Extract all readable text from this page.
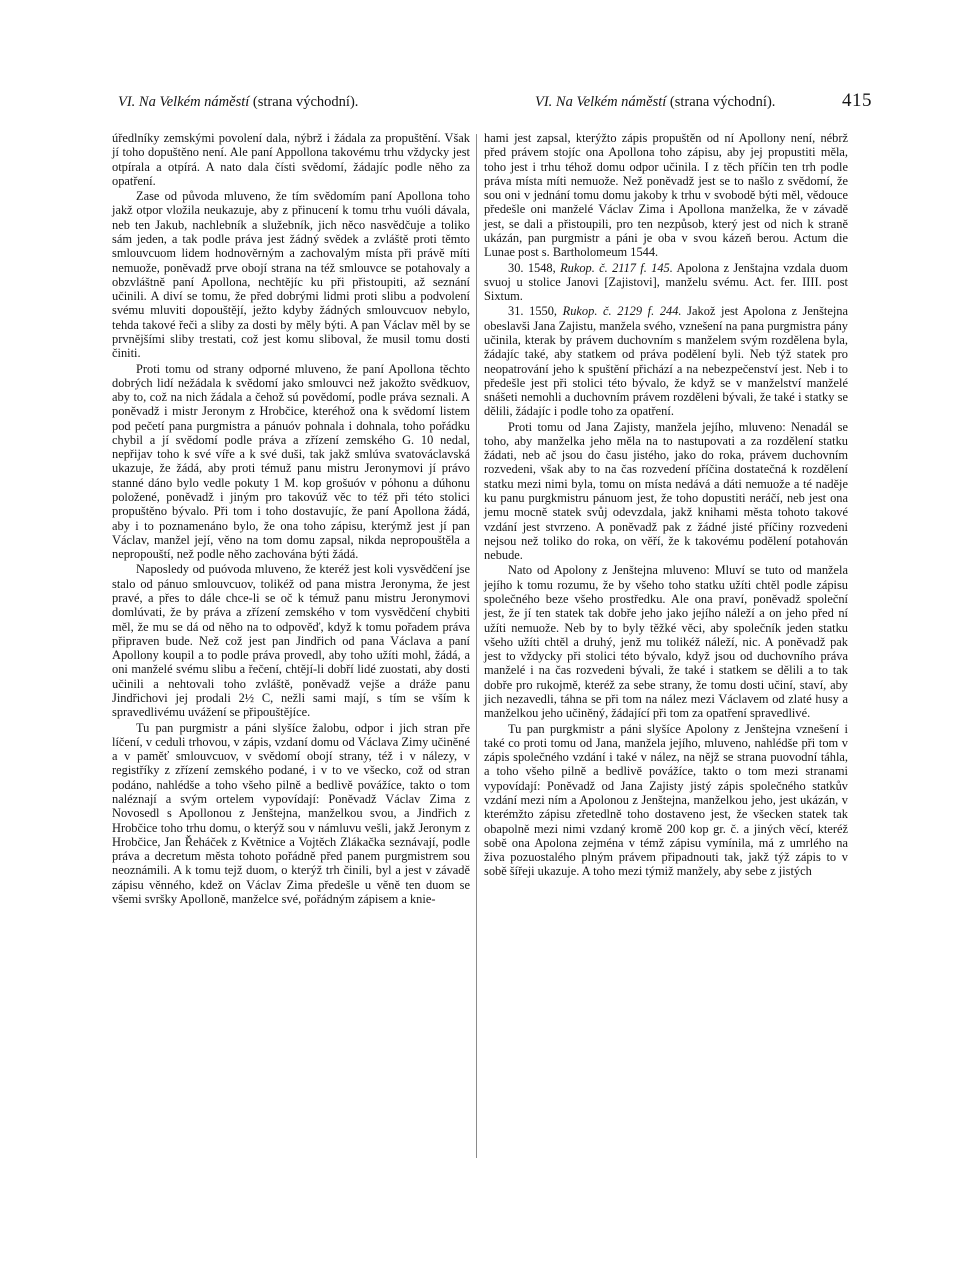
VI. Na Velkém náměstí (strana východní).	VI. Na Velkém náměstí (strana východní).	415

úředlníky zemskými povolení dala, nýbrž i žádala za propuštění. Však jí toho dopuštěno není. Ale paní Appollona takovému trhu vždycky jest otpírala a otpírá. A nato dala čísti svědomí, žádajíc podle něho za opatření.

Zase od původa mluveno, že tím svědomím paní Apollona toho jakž otpor vložila neukazuje, aby z přinucení k tomu trhu vuóli dávala, neb ten Jakub, nachlebník a služebník, jich něco nasvědčuje a toliko sám jeden, a tak podle práva jest žádný svědek a zvláště proti těmto smlouvcuom lidem hodnověrným a zachovalým místa při právě míti nemuože, poněvadž prve obojí strana na též smlouvce se potahovaly a obzvláštně paní Apollona, nechtějíc ku při přistoupiti, až seznání učinili. A diví se tomu, že před dobrými lidmi proti slibu a podvolení svému mluviti dopouštějí, ježto kdyby žádných smlouvcuov nebylo, tehda takové řeči a sliby za dosti by měly býti. A pan Václav měl by se prvnějšími sliby trestati, což jest komu sliboval, že musil tomu dosti činiti.

Proti tomu od strany odporné mluveno, že paní Apollona těchto dobrých lidí nežádala k svědomí jako smlouvci než jakožto svědkuov, aby to, což na nich žádala a čehož sú povědomí, podle práva seznali. A poněvadž i mistr Jeronym z Hrobčice, kteréhož ona k svědomí listem pod pečetí pana purgmistra a pánuóv pohnala i dohnala, toho pořádku chybil a jí svědomí podle práva a zřízení zemského G. 10 nedal, nepřijav toho k své víře a k své duši, tak jakž smlúva svatováclavská ukazuje, že žádá, aby proti témuž panu mistru Jeronymovi jí právo stanné dáno bylo vedle pokuty 1 M. kop grošuóv v pόhonu a dúhonu položené, poněvadž i jiným pro takovúž věc to též při této stolici propuštěno bývalo. Při tom i toho dostavujíc, že paní Apollona žádá, aby i to poznamenáno bylo, že ona toho zápisu, kterýmž jest jí pan Václav, manžel její, věno na tom domu zapsal, nikda nepropouštěla a nepropouští, než podle něho zachována býti žádá.

Naposledy od puóvoda mluveno, že kteréž jest koli vysvědčení jse stalo od pánuo smlouvcuov, tolikéž od pana mistra Jeronyma, že jest pravé, a přes to dále chce-li se oč k témuž panu mistru Jeronymovi domlúvati, že by práva a zřízení zemského v tom vysvědčení chybiti měl, že mu se dá od něho na to odpověď, když k tomu pořadem práva připraven bude. Než což jest pan Jindřich od pana Václava a paní Apollony koupil a to podle práva provedl, aby toho užíti mohl, žádá, a oni manželé svému slibu a řečení, chtějí-li dobří lidé zuostati, aby dosti učinili a nehtovali toho zvláště, poněvadž vejše a dráže panu Jindřichovi jej prodali 2½ C, nežli sami mají, s tím se vším k spravedlivému uvážení se připouštějíce.

Tu pan purgmistr a páni slyšíce žalobu, odpor i jich stran pře líčení, v ceduli trhovou, v zápis, vzdaní domu od Václava Zimy učiněné a v paměť smlouvcuov, v svědomí obojí strany, též i v nálezy, v registříky z zřízení zemského podané, i v to ve všecko, což od stran podáno, nahlédše a toho všeho pilně a bedlivě povážíce, takto o tom naléznají a svým ortelem vypovídají: Poněvadž Václav Zima z Novosedl s Apollonou z Jenštejna, manželkou svou, a Jindřich z Hrobčice toho trhu domu, o kterýž sou v námluvu vešli, jakž Jeronym z Hrobčice, Jan Řeháček z Květnice a Vojtěch Zlákačka seznávají, podle práva a decretum města tohoto pořádně před panem purgmistrem sou neoznámili. A k tomu tejž duom, o kterýž trh činili, byl a jest v závadě zápisu věnného, kdež on Václav Zima předešle u věně ten duom se všemi svršky Apolloně, manželce své, pořádným zápisem a knie-

hami jest zapsal, kterýžto zápis propuštěn od ní Apollony není, nébrž před právem stojíc ona Apollona toho zápisu, aby jej propustiti měla, toho jest i trhu téhož domu odpor učinila. I z těch příčin ten trh podle práva místa míti nemuože. Než poněvadž jest se to našlo z svědomí, že sou oni v jednání tomu domu jakoby k trhu v svobodě býti měl, vědouce předešle oni manželé Václav Zima i Apollona manželka, že v závadě jest, se dali a přistoupili, pro ten nezpůsob, který jest od nich k straně ukázán, pan purgmistr a páni je oba v svou kázeň berou. Actum die Lunae post s. Bartholomeum 1544.

30. 1548, Rukop. č. 2117 f. 145. Apolona z Jenštajna vzdala duom svuoj u stolice Janovi [Zajistovi], manželu svému. Act. fer. IIII. post Sixtum.

31. 1550, Rukop. č. 2129 f. 244. Jakož jest Apolona z Jenštejna obeslavši Jana Zajistu, manžela svého, vznešení na pana purgmistra pány učinila, kterak by právem duchovním s manželem svým rozdělena byla, žádajíc také, aby statkem od práva podělení byli. Neb týž statek pro neopatrování jeho k spuštění přichází a na nebezpečenství jest. Neb i to předešle jest při stolici této bývalo, že když se v manželství manželé snášeti nemohli a duchovním právem rozděleni bývali, že také i statky se dělili, žádajíc i podle toho za opatření.

Proti tomu od Jana Zajisty, manžela jejího, mluveno: Nenadál se toho, aby manželka jeho měla na to nastupovati a za rozdělení statku žádati, neb ač jsou do času jistého, jako do roka, právem duchovním rozvedeni, však aby to na čas rozvedení příčina dostatečná k rozdělení statku mezi nimi byla, tomu on místa nedává a dáti nemuože a té naděje ku panu purgkmistru pánuom jest, že toho dopustiti neráčí, neb jest ona jemu mocně statek svůj odevzdala, jakž knihami města tohoto takové vzdání jest stvrzeno. A poněvadž pak z žádné jisté příčiny rozvedeni nejsou než toliko do roka, on věří, že k takovému podělení potahován nebude.

Nato od Apolony z Jenštejna mluveno: Mluví se tuto od manžela jejího k tomu rozumu, že by všeho toho statku užíti chtěl podle zápisu společného beze všeho prostředku. Ale ona praví, poněvadž společní jest, že jí ten statek tak dobře jeho jako jejího náleží a on jeho před ní užíti nemuože. Neb by to byly těžké věci, aby společník jeden statku všeho užíti chtěl a druhý, jenž mu tolikéž náleží, nic. A poněvadž pak jest to vždycky při stolici této bývalo, když jsou od duchovního práva manželé i na čas rozvedeni bývali, že také i statkem se dělili a to tak dobře pro rukojmě, kteréž za sebe strany, že tomu dosti učiní, staví, aby jich nezavedli, táhna se při tom na nález mezi Václavem od zlaté husy a manželkou jeho učiněný, žádající při tom za opatření spravedlivé.

Tu pan purgkmistr a páni slyšíce Apolony z Jenštejna vznešení i také co proti tomu od Jana, manžela jejího, mluveno, nahlédše při tom v zápis společného vzdání i také v nález, na nějž se strana puovodní táhla, a toho všeho pilně a bedlivě povážíce, takto o tom mezi stranami vypovídají: Poněvadž od Jana Zajisty jistý zápis společného statkův vzdání mezi ním a Apolonou z Jenštejna, manželkou jeho, jest ukázán, v kterémžto zápisu zřetedlně toho dostaveno jest, že všecken statek tak obapolně mezi nimi vzdaný kromě 200 kop gr. č. a jiných věcí, kteréž sobě ona Apolona zejména v témž zápisu vymínila, má z umrlého na živa pozuostalého plným právem připadnouti tak, jakž týž zápis to v sobě šířeji ukazuje. A toho mezi týmiž manžely, aby sebe z jistých
